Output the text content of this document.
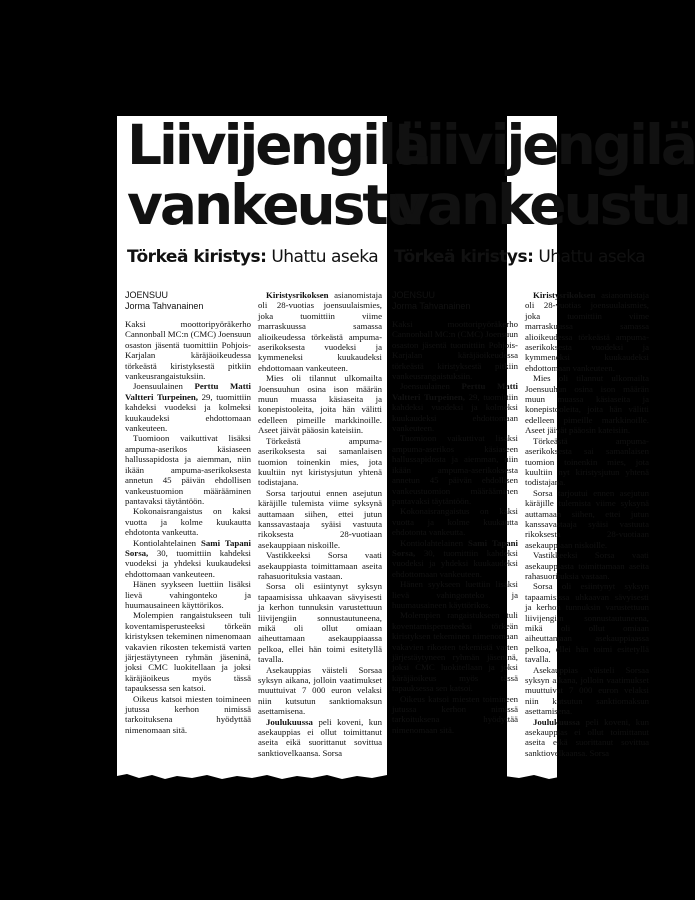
Liivijengilä
vankeustu
Törkeä kiristys: Uhattu aseka
JOENSUU
Jorma Tahvanainen

Kaksi moottoripyöräkerho Cannonball MC:n (CMC) Joensuun osaston jäsentä tuomittiin Pohjois-Karjalan käräjäoikeudessa törkeästä kiristyksestä pitkiin vankeusrangaistuksiin.

Joensuulainen Perttu Matti Valtteri Turpeinen, 29, tuomittiin kahdeksi vuodeksi ja kolmeksi kuukaudeksi ehdottomaan vankeuteen.

Tuomioon vaikuttivat lisäksi ampuma-aserikos käsiaseen hallussapidosta ja aiemman, niin ikään ampuma-aserikoksesta annetun 45 päivän ehdollisen vankeustuomion määrääminen pantavaksi täytäntöön.

Kokonaisrangaistus on kaksi vuotta ja kolme kuukautta ehdotonta vankeutta.

Kontiolahtelainen Sami Tapani Sorsa, 30, tuomittiin kahdeksi vuodeksi ja yhdeksi kuukaudeksi ehdottomaan vankeuteen.

Hänen syykseen luettiin lisäksi lievä vahingonteko ja huumausaineen käyttörikos.

Molempien rangaistukseen tuli koventamisperusteeksi törkeän kiristyksen tekeminen nimenomaan vakavien rikosten tekemistä varten järjestäytyneen ryhmän jäseninä, joksi CMC luokitellaan ja joksi käräjäoikeus myös tässä tapauksessa sen katsoi.

Oikeus katsoi miesten toimineen jutussa kerhon nimissä tarkoituksena hyödyttää nimenomaan sitä.

Kiristysrikoksen asianomistaja oli 28-vuotias joensuulaismies, joka tuomittiin viime marraskuussa samassa alioikeudessa törkeästä ampuma-aserikoksesta vuodeksi ja kymmeneksi kuukaudeksi ehdottomaan vankeuteen.

Mies oli tilannut ulkomailta Joensuuhun osina ison määrän muun muassa käsiaseita ja konepistooleita, joita hän välitti edelleen pimeille markkinoille. Aseet jäivät pääosin kateisiin.

Törkeästä ampuma-aserikoksesta sai samanlaisen tuomion toinenkin mies, jota kuultiin nyt kiristysjutun yhtenä todistajana.

Sorsa tarjoutui ennen asejutun käräjille tulemista viime syksynä auttamaan siihen, ettei jutun kanssavastaaja syäisi vastuuta rikoksesta 28-vuotiaan asekauppiaan niskoille.

Vastikkeeksi Sorsa vaati asekauppiasta toimittamaan aseita rahasuorituksia vastaan.

Sorsa oli esiintynyt syksyn tapaamisissa uhkaavan sävyisesti ja kerhon tunnuksin varustettuun liivijengiin sonnustautuneena, mikä oli ollut omiaan aiheuttamaan asekauppiaassa pelkoa, ellei hän toimi esitetyllä tavalla.

Asekauppias väisteli Sorsaa syksyn aikana, jolloin vaatimukset muuttuivat 7 000 euron velaksi niin kutsutun sanktiomaksun asettamisena.

Joulukuussa peli koveni, kun asekauppias ei ollut toimittanut aseita eikä suorittanut sovittua sanktiovelkaansa. Sorsa

Liivijengilä
vankeustu
Törkeä kiristys: Uhattu aseka
JOENSUU
Jorma Tahvanainen

Kaksi moottoripyöräkerho Cannonball MC:n (CMC) Joensuun osaston jäsentä tuomittiin Pohjois-Karjalan käräjäoikeudessa törkeästä kiristyksestä pitkiin vankeusrangaistuksiin.

Joensuulainen Perttu Matti Valtteri Turpeinen, 29, tuomittiin kahdeksi vuodeksi ja kolmeksi kuukaudeksi ehdottomaan vankeuteen.

Tuomioon vaikuttivat lisäksi ampuma-aserikos käsiaseen hallussapidosta ja aiemman, niin ikään ampuma-aserikoksesta annetun 45 päivän ehdollisen vankeustuomion määrääminen pantavaksi täytäntöön.

Kokonaisrangaistus on kaksi vuotta ja kolme kuukautta ehdotonta vankeutta.

Kontiolahtelainen Sami Tapani Sorsa, 30, tuomittiin kahdeksi vuodeksi ja yhdeksi kuukaudeksi ehdottomaan vankeuteen.

Hänen syykseen luettiin lisäksi lievä vahingonteko ja huumausaineen käyttörikos.

Molempien rangaistukseen tuli koventamisperusteeksi törkeän kiristyksen tekeminen nimenomaan vakavien rikosten tekemistä varten järjestäytyneen ryhmän jäseninä, joksi CMC luokitellaan ja joksi käräjäoikeus myös tässä tapauksessa sen katsoi.

Oikeus katsoi miesten toimineen jutussa kerhon nimissä tarkoituksena hyödyttää nimenomaan sitä.

Kiristysrikoksen asianomistaja oli 28-vuotias joensuulaismies, joka tuomittiin viime marraskuussa samassa alioikeudessa törkeästä ampuma-aserikoksesta vuodeksi ja kymmeneksi kuukaudeksi ehdottomaan vankeuteen.

Mies oli tilannut ulkomailta Joensuuhun osina ison määrän muun muassa käsiaseita ja konepistooleita, joita hän välitti edelleen pimeille markkinoille. Aseet jäivät pääosin kateisiin.

Törkeästä ampuma-aserikoksesta sai samanlaisen tuomion toinenkin mies, jota kuultiin nyt kiristysjutun yhtenä todistajana.

Sorsa tarjoutui ennen asejutun käräjille tulemista viime syksynä auttamaan siihen, ettei jutun kanssavastaaja syäisi vastuuta rikoksesta 28-vuotiaan asekauppiaan niskoille.

Vastikkeeksi Sorsa vaati asekauppiasta toimittamaan aseita rahasuorituksia vastaan.

Sorsa oli esiintynyt syksyn tapaamisissa uhkaavan sävyisesti ja kerhon tunnuksin varustettuun liivijengiin sonnustautuneena, mikä oli ollut omiaan aiheuttamaan asekauppiaassa pelkoa, ellei hän toimi esitetyllä tavalla.

Asekauppias väisteli Sorsaa syksyn aikana, jolloin vaatimukset muuttuivat 7 000 euron velaksi niin kutsutun sanktiomaksun asettamisena.

Joulukuussa peli koveni, kun asekauppias ei ollut toimittanut aseita eikä suorittanut sovittua sanktiovelkaansa. Sorsa
